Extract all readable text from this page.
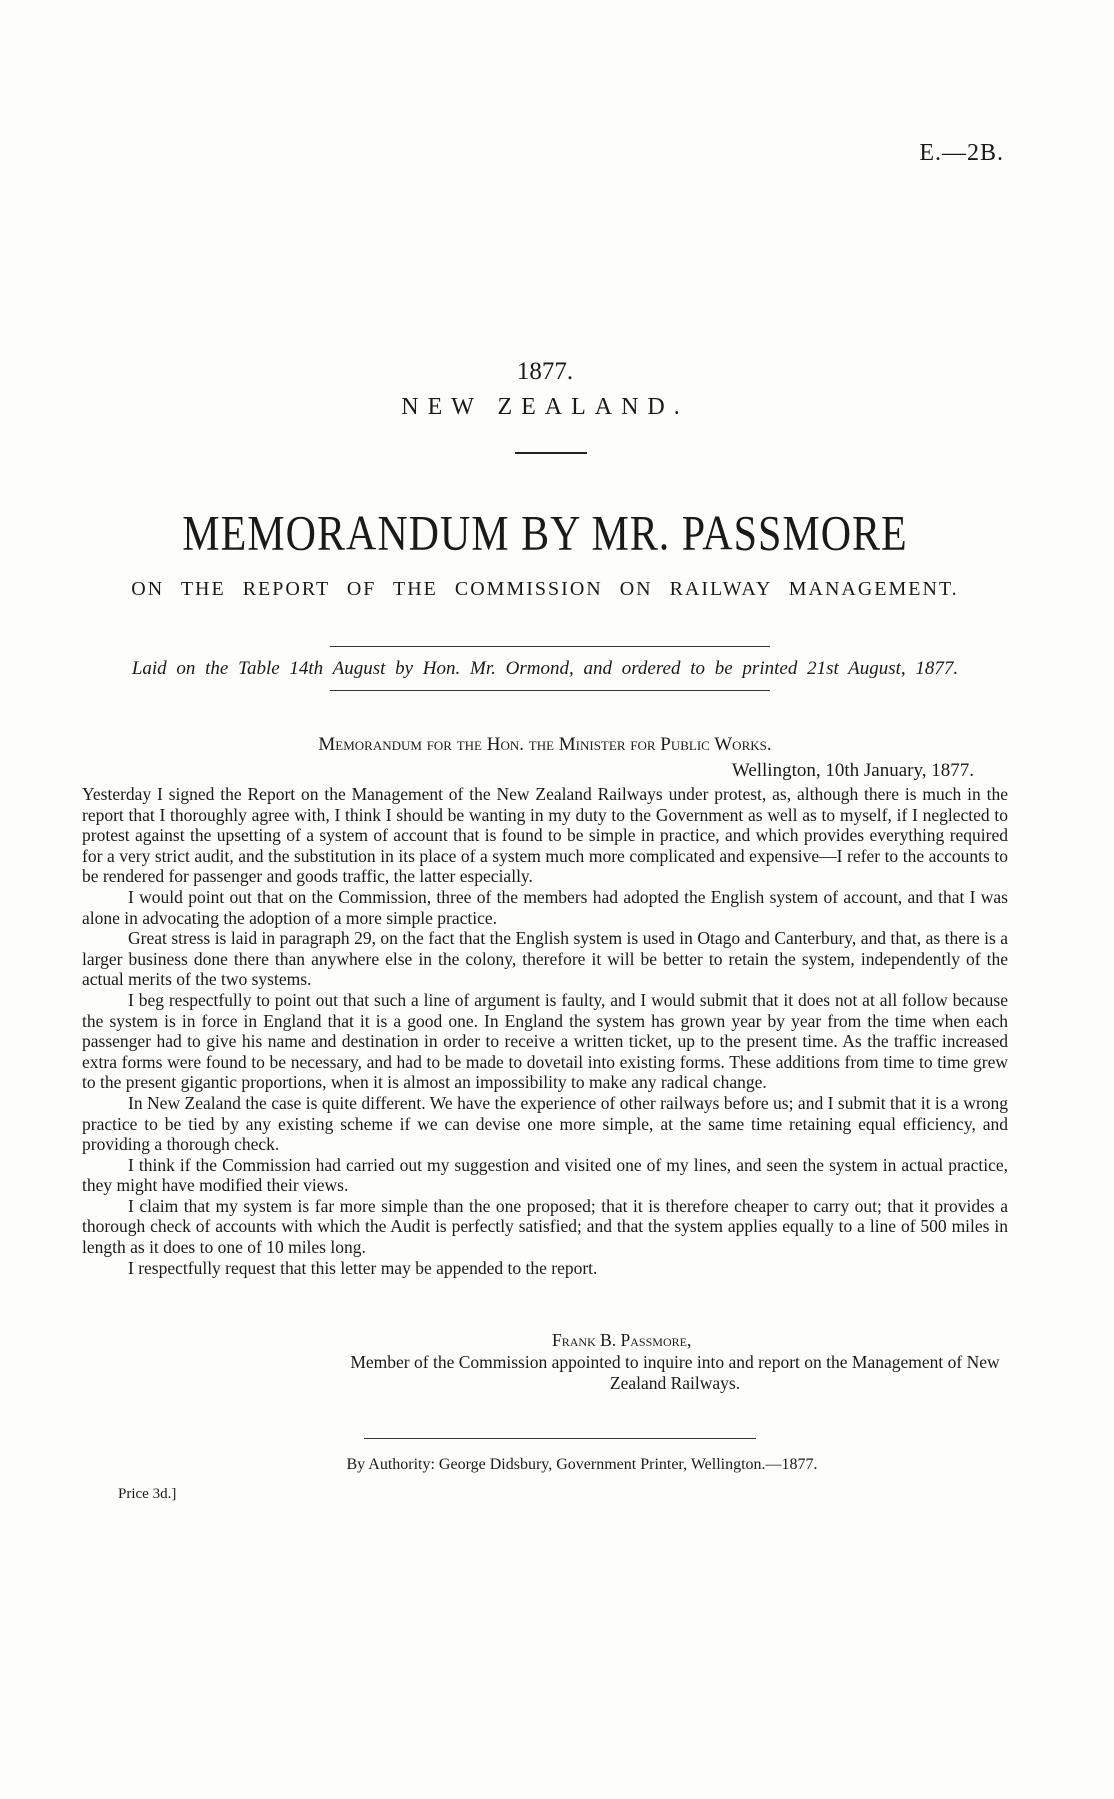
E.—2B.
1877.
NEW ZEALAND.
MEMORANDUM BY MR. PASSMORE
ON THE REPORT OF THE COMMISSION ON RAILWAY MANAGEMENT.
Laid on the Table 14th August by Hon. Mr. Ormond, and ordered to be printed 21st August, 1877.
Memorandum for the Hon. the Minister for Public Works.
Wellington, 10th January, 1877.

Yesterday I signed the Report on the Management of the New Zealand Railways under protest, as, although there is much in the report that I thoroughly agree with, I think I should be wanting in my duty to the Government as well as to myself, if I neglected to protest against the upsetting of a system of account that is found to be simple in practice, and which provides everything required for a very strict audit, and the substitution in its place of a system much more complicated and expensive—I refer to the accounts to be rendered for passenger and goods traffic, the latter especially.

I would point out that on the Commission, three of the members had adopted the English system of account, and that I was alone in advocating the adoption of a more simple practice.

Great stress is laid in paragraph 29, on the fact that the English system is used in Otago and Canterbury, and that, as there is a larger business done there than anywhere else in the colony, therefore it will be better to retain the system, independently of the actual merits of the two systems.

I beg respectfully to point out that such a line of argument is faulty, and I would submit that it does not at all follow because the system is in force in England that it is a good one. In England the system has grown year by year from the time when each passenger had to give his name and destination in order to receive a written ticket, up to the present time. As the traffic increased extra forms were found to be necessary, and had to be made to dovetail into existing forms. These additions from time to time grew to the present gigantic proportions, when it is almost an impossibility to make any radical change.

In New Zealand the case is quite different. We have the experience of other railways before us; and I submit that it is a wrong practice to be tied by any existing scheme if we can devise one more simple, at the same time retaining equal efficiency, and providing a thorough check.

I think if the Commission had carried out my suggestion and visited one of my lines, and seen the system in actual practice, they might have modified their views.

I claim that my system is far more simple than the one proposed; that it is therefore cheaper to carry out; that it provides a thorough check of accounts with which the Audit is perfectly satisfied; and that the system applies equally to a line of 500 miles in length as it does to one of 10 miles long.

I respectfully request that this letter may be appended to the report.

Frank B. Passmore,
Member of the Commission appointed to inquire into and report on the Management of New Zealand Railways.
By Authority: George Didsbury, Government Printer, Wellington.—1877.
Price 3d.]
